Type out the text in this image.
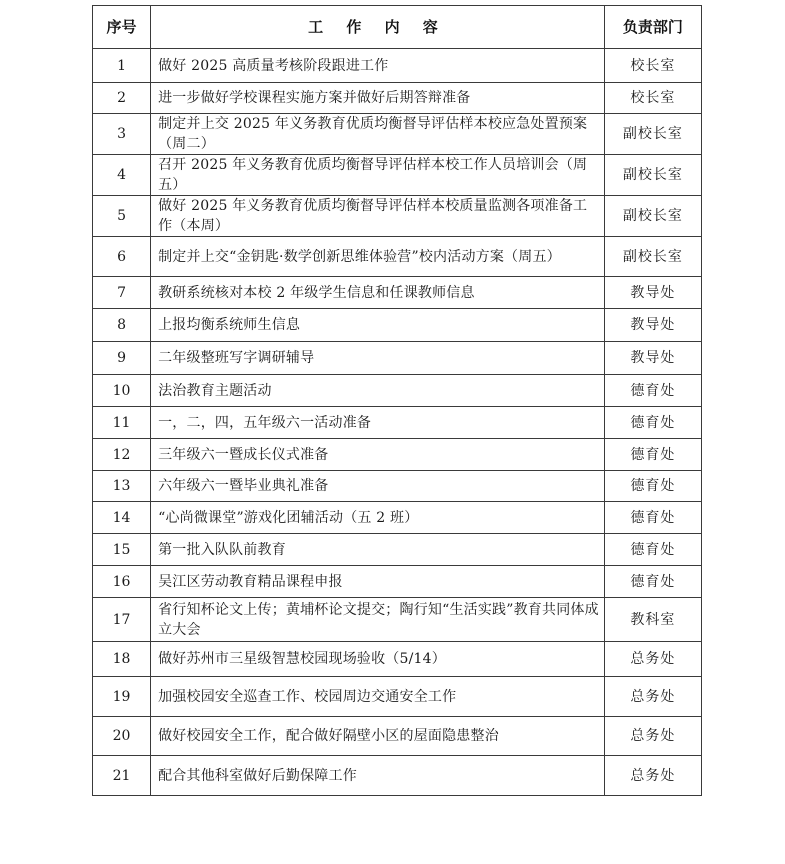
序号	工 作 内 容	负责部门
1	做好 2025 高质量考核阶段跟进工作	校长室
2	进一步做好学校课程实施方案并做好后期答辩准备	校长室
3	制定并上交 2025 年义务教育优质均衡督导评估样本校应急处置预案（周二）	副校长室
4	召开 2025 年义务教育优质均衡督导评估样本校工作人员培训会（周五）	副校长室
5	做好 2025 年义务教育优质均衡督导评估样本校质量监测各项准备工作（本周）	副校长室
6	制定并上交“金钥匙·数学创新思维体验营”校内活动方案（周五）	副校长室
7	教研系统核对本校 2 年级学生信息和任课教师信息	教导处
8	上报均衡系统师生信息	教导处
9	二年级整班写字调研辅导	教导处
10	法治教育主题活动	德育处
11	一，二，四，五年级六一活动准备	德育处
12	三年级六一暨成长仪式准备	德育处
13	六年级六一暨毕业典礼准备	德育处
14	“心尚微课堂”游戏化团辅活动（五 2 班）	德育处
15	第一批入队队前教育	德育处
16	吴江区劳动教育精品课程申报	德育处
17	省行知杯论文上传；黄埔杯论文提交；陶行知“生活实践”教育共同体成立大会	教科室
18	做好苏州市三星级智慧校园现场验收（5/14）	总务处
19	加强校园安全巡查工作、校园周边交通安全工作	总务处
20	做好校园安全工作，配合做好隔壁小区的屋面隐患整治	总务处
21	配合其他科室做好后勤保障工作	总务处
